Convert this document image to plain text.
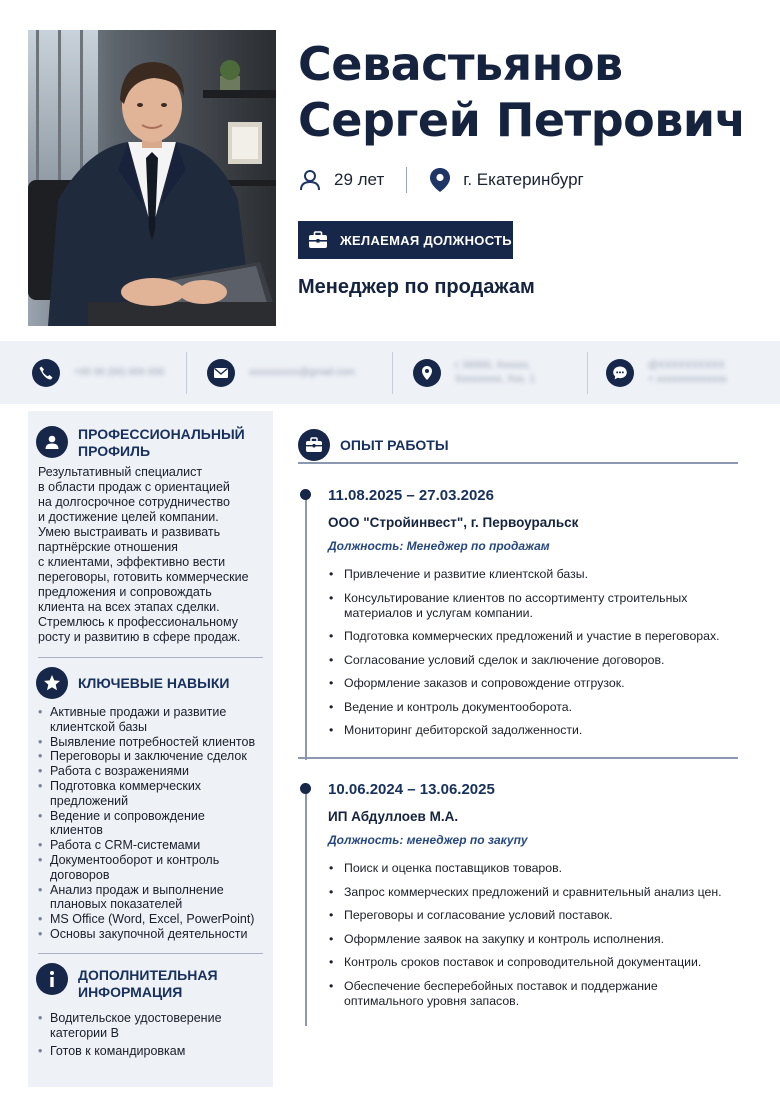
Севастьянов
Сергей Петрович
29 лет	г. Екатеринбург
ЖЕЛАЕМАЯ ДОЛЖНОСТЬ
Менеджер по продажам
+00 00 (00) 000 000	xxxxxxxxxx@gmail.com
г. 00000, Хххххх,
Ххххххххх, Ххх. 1
@XXXXXXXXXX
+ xxxxxxxxxxxxxx
ПРОФЕССИОНАЛЬНЫЙ ПРОФИЛЬ
Результативный специалист
в области продаж с ориентацией
на долгосрочное сотрудничество
и достижение целей компании.
Умею выстраивать и развивать
партнёрские отношения
с клиентами, эффективно вести
переговоры, готовить коммерческие
предложения и сопровождать
клиента на всех этапах сделки.
Стремлюсь к профессиональному
росту и развитию в сфере продаж.
КЛЮЧЕВЫЕ НАВЫКИ
• Активные продажи и развитие
клиентской базы
• Выявление потребностей клиентов
• Переговоры и заключение сделок
• Работа с возражениями
• Подготовка коммерческих
предложений
• Ведение и сопровождение
клиентов
• Работа с CRM-системами
• Документооборот и контроль
договоров
• Анализ продаж и выполнение
плановых показателей
• MS Office (Word, Excel, PowerPoint)
• Основы закупочной деятельности
ДОПОЛНИТЕЛЬНАЯ
ИНФОРМАЦИЯ
• Водительское удостоверение
категории B
• Готов к командировкам
ОПЫТ РАБОТЫ
11.08.2025 – 27.03.2026
ООО "Стройинвест", г. Первоуральск
Должность: Менеджер по продажам
• Привлечение и развитие клиентской базы.
• Консультирование клиентов по ассортименту строительных
материалов и услугам компании.
• Подготовка коммерческих предложений и участие в переговорах.
• Согласование условий сделок и заключение договоров.
• Оформление заказов и сопровождение отгрузок.
• Ведение и контроль документооборота.
• Мониторинг дебиторской задолженности.
10.06.2024 – 13.06.2025
ИП Абдуллоев М.А.
Должность: менеджер по закупу
• Поиск и оценка поставщиков товаров.
• Запрос коммерческих предложений и сравнительный анализ цен.
• Переговоры и согласование условий поставок.
• Оформление заявок на закупку и контроль исполнения.
• Контроль сроков поставок и сопроводительной документации.
• Обеспечение бесперебойных поставок и поддержание
оптимального уровня запасов.
